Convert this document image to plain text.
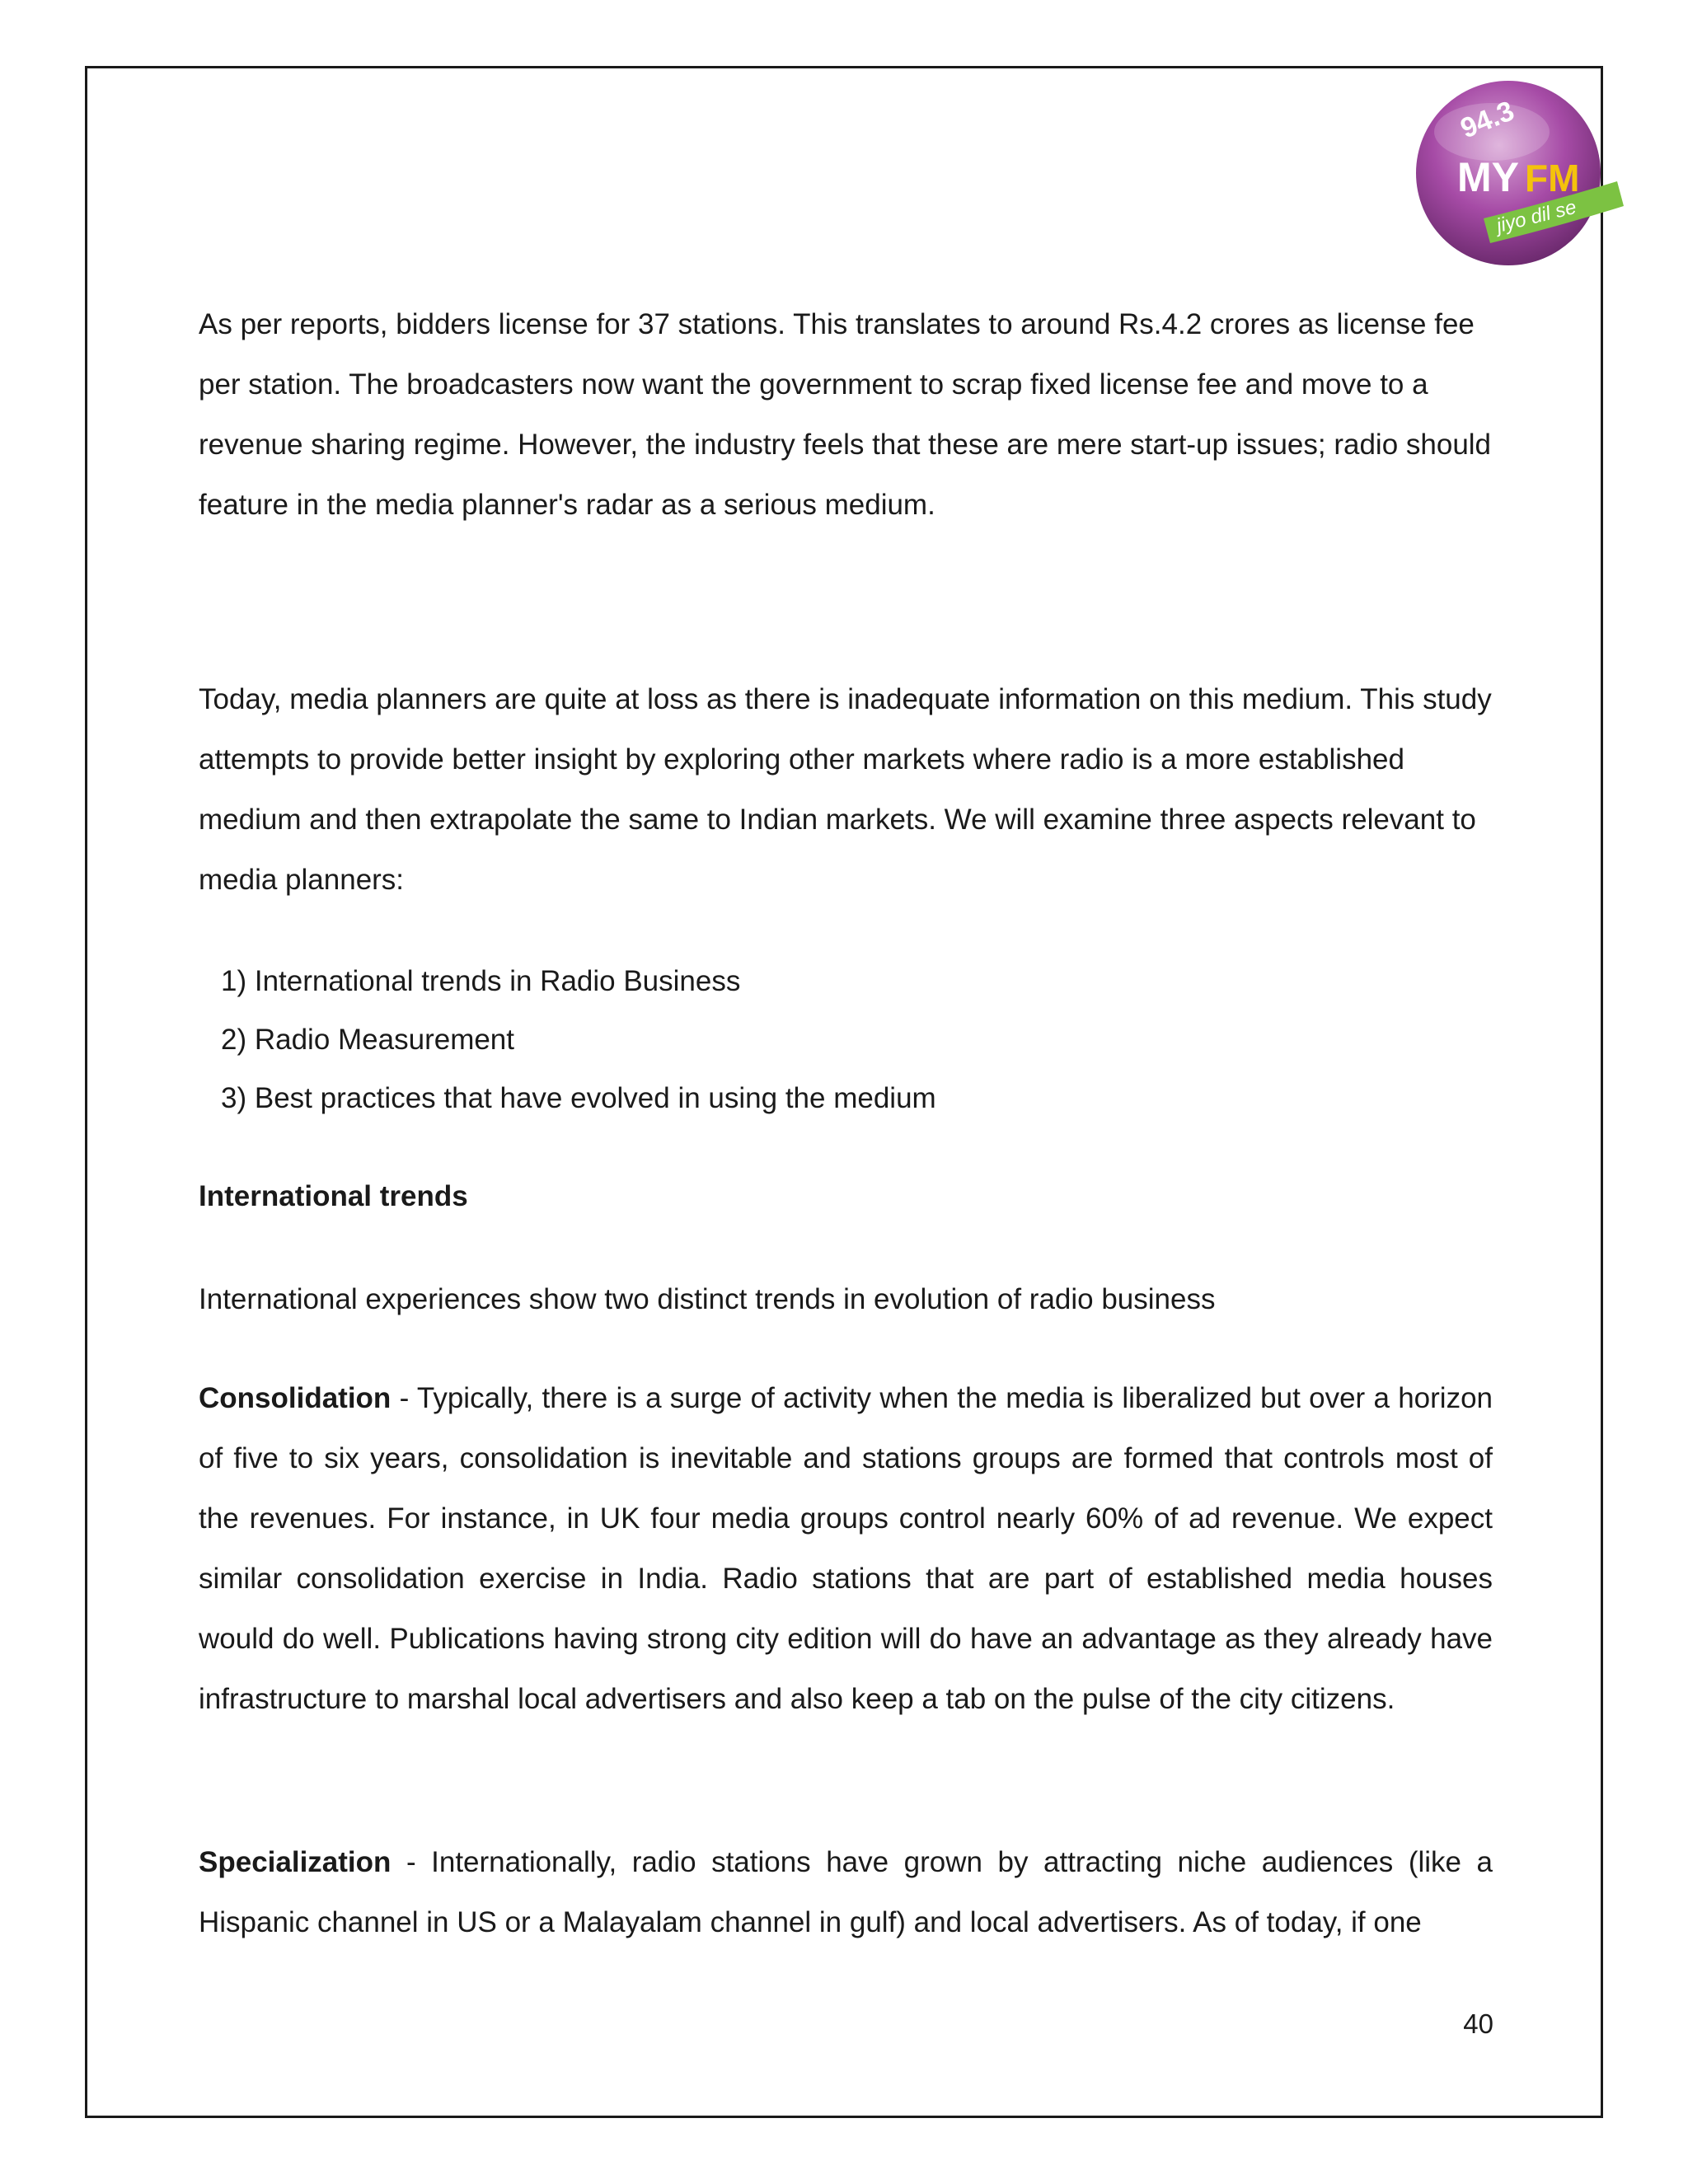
94.3
MY FM
jiyo dil se

As per reports, bidders license for 37 stations. This translates to around Rs.4.2 crores as license fee per station. The broadcasters now want the government to scrap fixed license fee and move to a revenue sharing regime. However, the industry feels that these are mere start-up issues; radio should feature in the media planner's radar as a serious medium.

Today, media planners are quite at loss as there is inadequate information on this medium. This study attempts to provide better insight by exploring other markets where radio is a more established medium and then extrapolate the same to Indian markets. We will examine three aspects relevant to media planners:

1) International trends in Radio Business
2) Radio Measurement
3) Best practices that have evolved in using the medium
International trends

International experiences show two distinct trends in evolution of radio business

Consolidation - Typically, there is a surge of activity when the media is liberalized but over a horizon of five to six years, consolidation is inevitable and stations groups are formed that controls most of the revenues. For instance, in UK four media groups control nearly 60% of ad revenue. We expect similar consolidation exercise in India. Radio stations that are part of established media houses would do well. Publications having strong city edition will do have an advantage as they already have infrastructure to marshal local advertisers and also keep a tab on the pulse of the city citizens.

Specialization - Internationally, radio stations have grown by attracting niche audiences (like a Hispanic channel in US or a Malayalam channel in gulf) and local advertisers. As of today, if one

40
